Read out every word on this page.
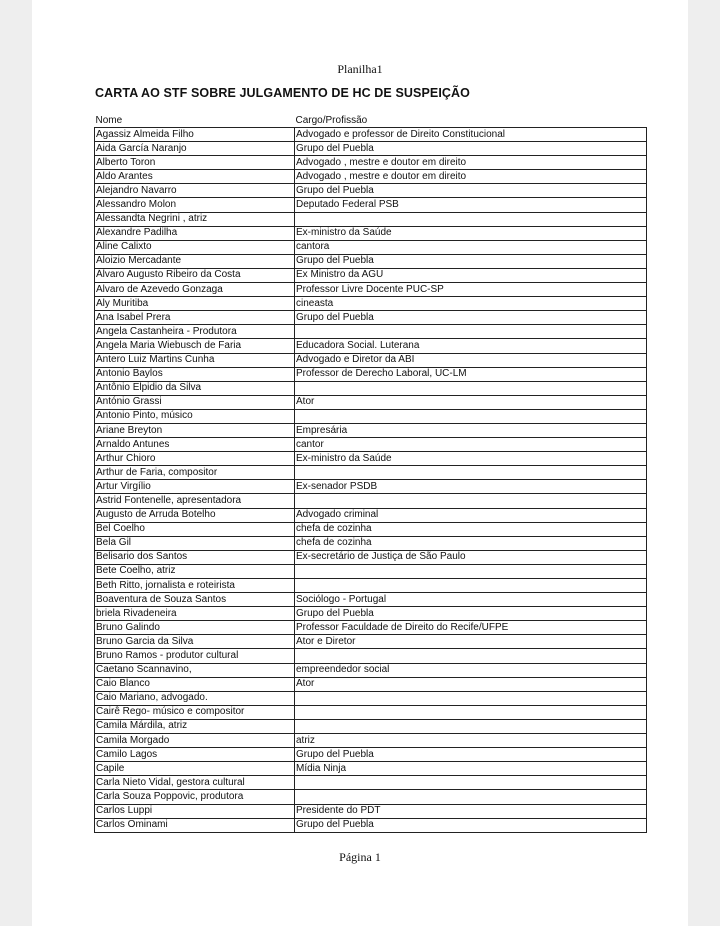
Planilha1
CARTA AO STF SOBRE JULGAMENTO DE HC DE SUSPEIÇÃO
Nome	Cargo/Profissão
Agassiz Almeida Filho	Advogado e professor de Direito Constitucional
Aida García Naranjo	Grupo del Puebla
Alberto Toron	Advogado , mestre e doutor em direito
Aldo Arantes	Advogado , mestre e doutor em direito
Alejandro Navarro	Grupo del Puebla
Alessandro Molon	Deputado Federal PSB
Alessandta Negrini , atriz	
Alexandre Padilha	Ex-ministro da Saúde
Aline Calixto	cantora
Aloizio Mercadante	Grupo del Puebla
Álvaro Augusto Ribeiro da Costa	Ex Ministro da AGU
Alvaro de Azevedo Gonzaga	Professor Livre Docente PUC-SP
Aly Muritiba	cineasta
Ana Isabel Prera	Grupo del Puebla
Angela Castanheira - Produtora	
Angela Maria Wiebusch de Faria	Educadora Social. Luterana
Antero Luiz Martins Cunha	Advogado e Diretor da ABI
Antonio Baylos	Professor de Derecho Laboral, UC-LM
Antônio Elpidio da Silva	
António Grassi	Ator
Antonio Pinto, músico	
Ariane Breyton	Empresária
Arnaldo Antunes	cantor
Arthur Chioro	Ex-ministro da Saúde
Arthur de Faria, compositor	
Artur Virgílio	Ex-senador PSDB
Astrid Fontenelle, apresentadora	
Augusto de Arruda Botelho	Advogado criminal
Bel Coelho	chefa de cozinha
Bela Gil	chefa de cozinha
Belisario dos Santos	Ex-secretário de Justiça de São Paulo
Bete Coelho, atriz	
Beth Ritto, jornalista e roteirista	
Boaventura de Souza Santos	Sociólogo - Portugal
briela Rivadeneira	Grupo del Puebla
Bruno Galindo	Professor Faculdade de Direito do Recife/UFPE
Bruno Garcia da Silva	Ator e Diretor
Bruno Ramos - produtor cultural	
Caetano Scannavino,	empreendedor social
Caio Blanco	Ator
Caio Mariano, advogado.	
Cairê Rego- músico e compositor	
Camila Márdila, atriz	
Camila Morgado	atriz
Camilo Lagos	Grupo del Puebla
Capile	Mídia Ninja
Carla Nieto Vidal, gestora cultural	
Carla Souza Poppovic, produtora	
Carlos Luppi	Presidente do PDT
Carlos Ominami	Grupo del Puebla
Página 1
